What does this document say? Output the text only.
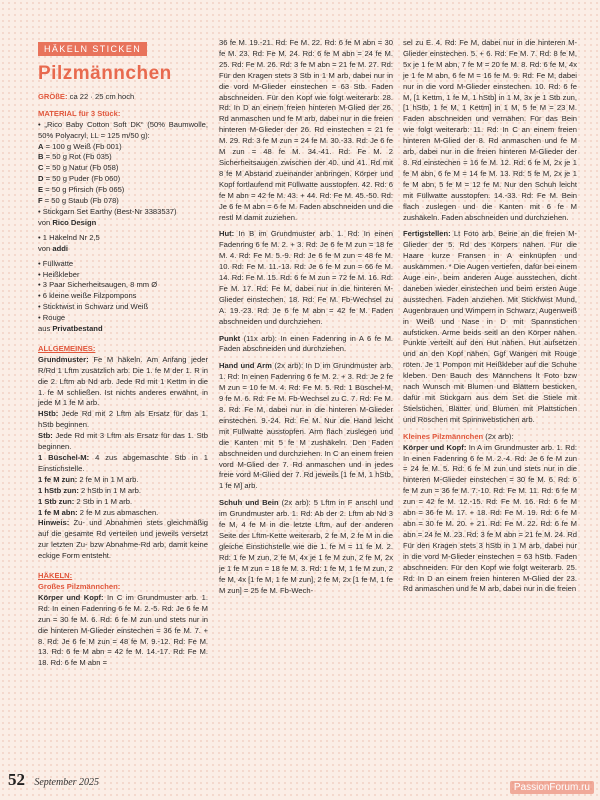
HÄKELN STICKEN
Pilzmännchen

GRÖßE: ca 22 · 25 cm hoch

MATERIAL für 3 Stück:

• „Rico Baby Cotton Soft DK“ (50% Baumwolle, 50% Polyacryl, LL = 125 m/50 g):
A = 100 g Weiß (Fb 001)
B = 50 g Rot (Fb 035)
C = 50 g Natur (Fb 058)
D = 50 g Puder (Fb 060)
E = 50 g Pfirsich (Fb 065)
F = 50 g Staub (Fb 078)
• Stickgarn Set Earthy (Best-Nr 3383537)
von Rico Design
• 1 Häkelnd Nr 2,5
von addi
• Füllwatte
• Heißkleber
• 3 Paar Sicherheitsaugen, 8 mm Ø
• 6 kleine weiße Filzpompons
• Sticktwist in Schwarz und Weiß
• Rouge

aus Privatbestand

ALLGEMEINES:

Grundmuster: Fe M häkeln. Am Anfang jeder R/Rd 1 Lftm zusätzlich arb. Die 1. fe M der 1. R in die 2. Lftm ab Nd arb. Jede Rd mit 1 Kettm in die 1. fe M schließen. Ist nichts anderes erwähnt, in jede M 1 fe M arb.

HStb: Jede Rd mit 2 Lftm als Ersatz für das 1. hStb beginnen.

Stb: Jede Rd mit 3 Lftm als Ersatz für das 1. Stb beginnen.

1 Büschel-M: 4 zus abgemaschte Stb in 1 Einstichstelle.

1 fe M zun: 2 fe M in 1 M arb.
1 hStb zun: 2 hStb in 1 M arb.
1 Stb zun: 2 Stb in 1 M arb.
1 fe M abn: 2 fe M zus abmaschen.

Hinweis: Zu- und Abnahmen stets gleichmäßig auf die gesamte Rd verteilen und jeweils versetzt zur letzten Zu- bzw Abnahme-Rd arb, damit keine eckige Form entsteht.

HÄKELN:

Großes Pilzmännchen:

Körper und Kopf: In C im Grundmuster arb. 1. Rd: In einen Fadenring 6 fe M. 2.-5. Rd: Je 6 fe M zun = 30 fe M. 6. Rd: 6 fe M zun und stets nur in die hinteren M-Glieder einstechen = 36 fe M. 7. + 8. Rd: Je 6 fe M zun = 48 fe M. 9.-12. Rd: Fe M. 13. Rd: 6 fe M abn = 42 fe M. 14.-17. Rd: Fe M. 18. Rd: 6 fe M abn =

36 fe M. 19.-21. Rd: Fe M. 22. Rd: 6 fe M abn = 30 fe M. 23. Rd: Fe M. 24. Rd: 6 fe M abn = 24 fe M. 25. Rd: Fe M. 26. Rd: 3 fe M abn = 21 fe M. 27. Rd: Für den Kragen stets 3 Stb in 1 M arb, dabei nur in die vord M-Glieder einstechen = 63 Stb. Faden abschneiden. Für den Kopf wie folgt weiterarb: 28. Rd: In D an einem freien hinteren M-Glied der 26. Rd anmaschen und fe M arb, dabei nur in die freien hinteren M-Glieder der 26. Rd einstechen = 21 fe M. 29. Rd: 3 fe M zun = 24 fe M. 30.-33. Rd: Je 6 fe M zun = 48 fe M. 34.-41. Rd: Fe M. 2 Sicherheitsaugen zwischen der 40. und 41. Rd mit 8 fe M Abstand zueinander anbringen. Körper und Kopf fortlaufend mit Füllwatte ausstopfen. 42. Rd: 6 fe M abn = 42 fe M. 43. + 44. Rd: Fe M. 45.-50. Rd: Je 6 fe M abn = 6 fe M. Faden abschneiden und die restl M damit zuziehen.

Hut: In B im Grundmuster arb. 1. Rd: In einen Fadenring 6 fe M. 2. + 3. Rd: Je 6 fe M zun = 18 fe M. 4. Rd: Fe M. 5.-9. Rd: Je 6 fe M zun = 48 fe M. 10. Rd: Fe M. 11.-13. Rd: Je 6 fe M zun = 66 fe M. 14. Rd: Fe M. 15. Rd: 6 fe M zun = 72 fe M. 16. Rd: Fe M. 17. Rd: Fe M, dabei nur in die hinteren M-Glieder einstechen. 18. Rd: Fe M. Fb-Wechsel zu A. 19.-23. Rd: Je 6 fe M abn = 42 fe M. Faden abschneiden und durchziehen.

Punkt (11x arb): In einen Fadenring in A 6 fe M. Faden abschneiden und durchziehen.

Hand und Arm (2x arb): In D im Grundmuster arb. 1. Rd: In einen Fadenring 6 fe M. 2. + 3. Rd: Je 2 fe M zun = 10 fe M. 4. Rd: Fe M. 5. Rd: 1 Büschel-M, 9 fe M. 6. Rd: Fe M. Fb-Wechsel zu C. 7. Rd: Fe M. 8. Rd: Fe M, dabei nur in die hinteren M-Glieder einstechen. 9.-24. Rd: Fe M. Nur die Hand leicht mit Füllwatte ausstopfen. Arm flach zuslegen und die Kanten mit 5 fe M zushäkeln. Den Faden abschneiden und durchziehen. In C an einem freien vord M-Glied der 7. Rd anmaschen und in jedes freie vord M-Glied der 7. Rd jeweils [1 fe M, 1 hStb, 1 fe M] arb.

Schuh und Bein (2x arb): 5 Lftm in F anschl und im Grundmuster arb. 1. Rd: Ab der 2. Lftm ab Nd 3 fe M, 4 fe M in die letzte Lftm, auf der anderen Seite der Lftm-Kette weiterarb, 2 fe M, 2 fe M in die gleiche Einstichstelle wie die 1. fe M = 11 fe M. 2. Rd: 1 fe M zun, 2 fe M, 4x je 1 fe M zun, 2 fe M, 2x je 1 fe M zun = 18 fe M. 3. Rd: 1 fe M, 1 fe M zun, 2 fe M, 4x [1 fe M, 1 fe M zun], 2 fe M, 2x [1 fe M, 1 fe M zun] = 25 fe M. Fb-Wech-

sel zu E. 4. Rd: Fe M, dabei nur in die hinteren M-Glieder einstechen. 5. + 6. Rd: Fe M. 7. Rd: 8 fe M, 5x je 1 fe M abn, 7 fe M = 20 fe M. 8. Rd: 6 fe M, 4x je 1 fe M abn, 6 fe M = 16 fe M. 9. Rd: Fe M, dabei nur in die vord M-Glieder einstechen. 10. Rd: 6 fe M, [1 Kettm, 1 fe M, 1 hStb] in 1 M, 3x je 1 Stb zun, [1 hStb, 1 fe M, 1 Kettm] in 1 M, 5 fe M = 23 M. Faden abschneiden und vernähen. Für das Bein wie folgt weiterarb: 11. Rd: In C an einem freien hinteren M-Glied der 8. Rd anmaschen und fe M arb, dabei nur in die freien hinteren M-Glieder der 8. Rd einstechen = 16 fe M. 12. Rd: 6 fe M, 2x je 1 fe M abn, 6 fe M = 14 fe M. 13. Rd: 5 fe M, 2x je 1 fe M abn, 5 fe M = 12 fe M. Nur den Schuh leicht mit Füllwatte ausstopfen. 14.-33. Rd: Fe M. Bein flach zuslegen und die Kanten mit 6 fe M zushäkeln. Faden abschneiden und durchziehen.

Fertigstellen: Lt Foto arb. Beine an die freien M-Glieder der 5. Rd des Körpers nähen. Für die Haare kurze Fransen in A einknüpfen und auskämmen. * Die Augen vertiefen, dafür bei einem Auge ein-, beim anderen Auge ausstechen, dicht daneben wieder einstechen und beim ersten Auge ausstechen. Faden anziehen. Mit Stickfwist Mund, Augenbrauen und Wimpern in Schwarz, Augenweiß in Weiß und Nase in D mit Spannstichen aufsticken. Arme beids seitl an den Körper nähen. Punkte verteilt auf den Hut nähen. Hut aufsetzen und an den Kopf nähen. Ggf Wangen mit Rouge röten. Je 1 Pompon mit Heißkleber auf die Schuhe kleben. Den Bauch des Männchens lt Foto bzw nach Wunsch mit Blumen und Blättern besticken, dafür mit Stickgarn aus dem Set die Stiele mit Stielstichen, Blätter und Blumen mit Plattstichen und Röschen mit Spinnwebstichen arb.

Kleines Pilzmännchen (2x arb):

Körper und Kopf: In A im Grundmuster arb. 1. Rd: In einen Fadenring 6 fe M. 2.-4. Rd: Je 6 fe M zun = 24 fe M. 5. Rd: 6 fe M zun und stets nur in die hinteren M-Glieder einstechen = 30 fe M. 6. Rd: 6 fe M zun = 36 fe M. 7.-10. Rd: Fe M. 11. Rd: 6 fe M zun = 42 fe M. 12.-15. Rd: Fe M. 16. Rd: 6 fe M abn = 36 fe M. 17. + 18. Rd: Fe M. 19. Rd: 6 fe M abn = 30 fe M. 20. + 21. Rd: Fe M. 22. Rd: 6 fe M abn = 24 fe M. 23. Rd: 3 fe M abn = 21 fe M. 24. Rd Für den Kragen stets 3 hStb in 1 M arb, dabei nur in die vord M-Glieder einstechen = 63 hStb. Faden abschneiden. Für den Kopf wie folgt weiterarb. 25. Rd: In D an einem freien hinteren M-Glied der 23. Rd anmaschen und fe M arb, dabei nur in die freien

52 September 2025	PassionForum.ru
